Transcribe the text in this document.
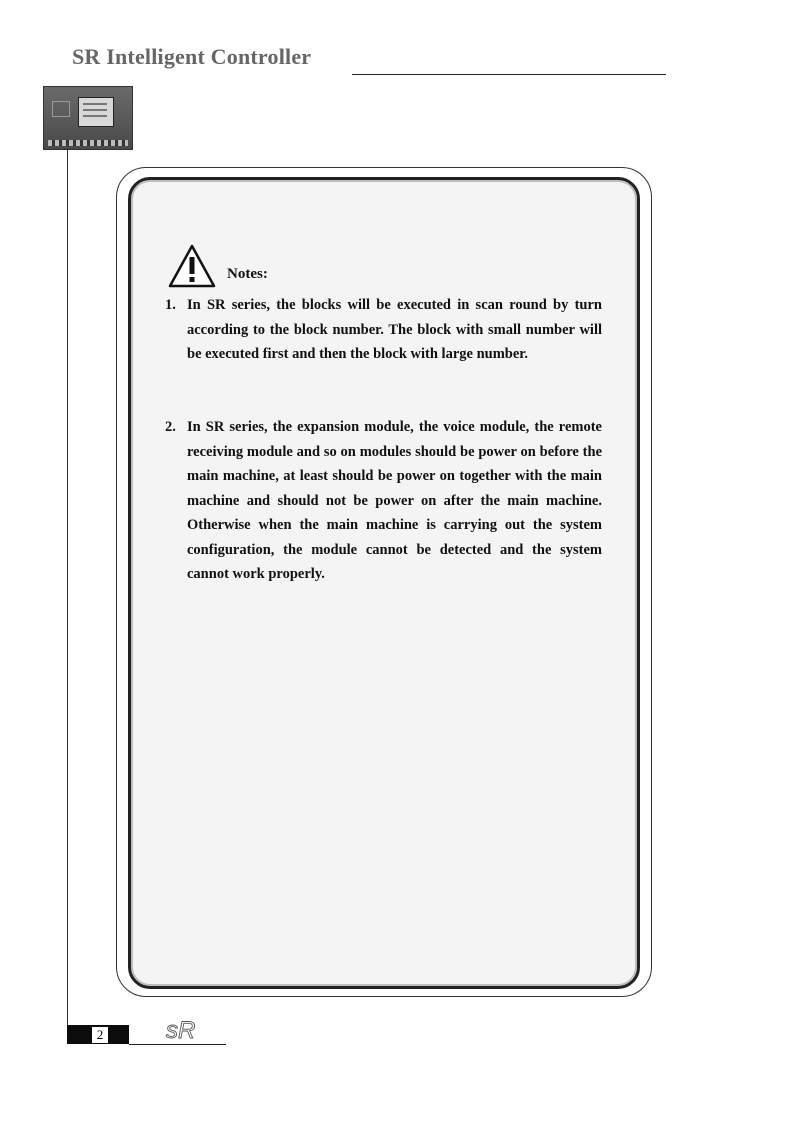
SR Intelligent Controller
Notes:
1. In SR series, the blocks will be executed in scan round by turn according to the block number. The block with small number will be executed first and then the block with large number.
2. In SR series, the expansion module, the voice module, the remote receiving module and so on modules should be power on before the main machine, at least should be power on together with the main machine and should not be power on after the main machine. Otherwise when the main machine is carrying out the system configuration, the module cannot be detected and the system cannot work properly.
2	sR
